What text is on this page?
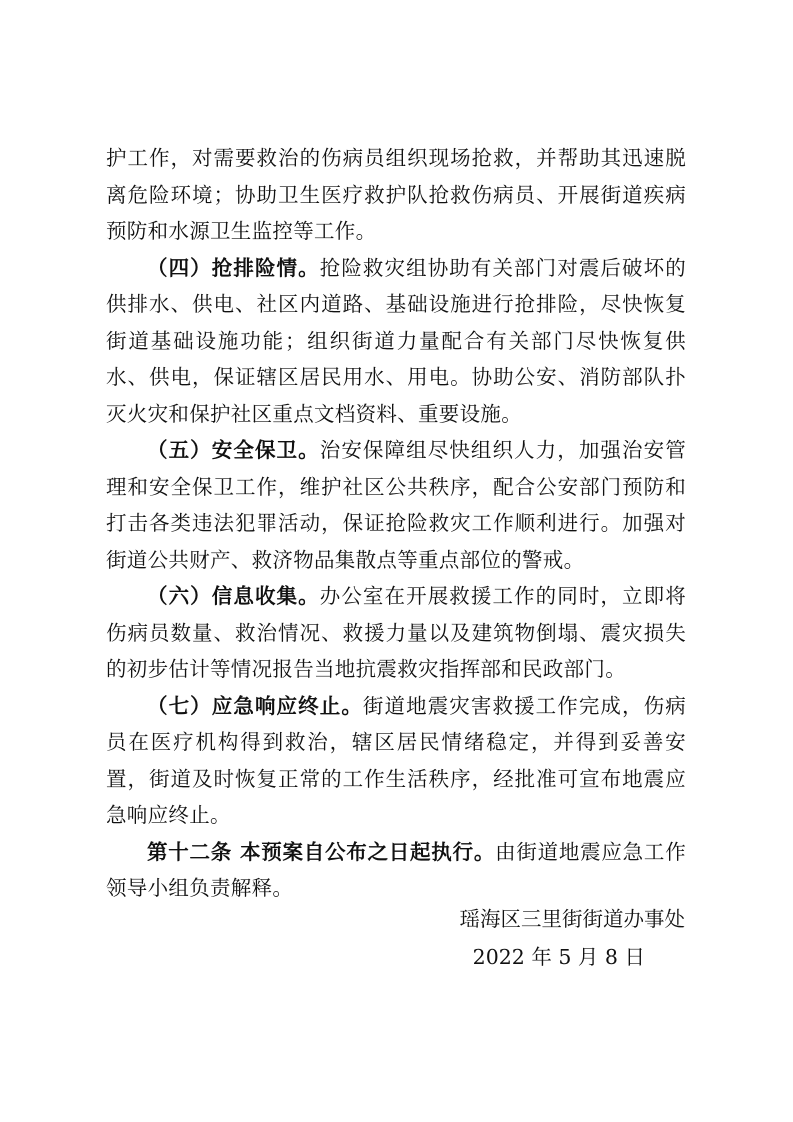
护工作，对需要救治的伤病员组织现场抢救，并帮助其迅速脱离危险环境；协助卫生医疗救护队抢救伤病员、开展街道疾病预防和水源卫生监控等工作。

（四）抢排险情。抢险救灾组协助有关部门对震后破坏的供排水、供电、社区内道路、基础设施进行抢排险，尽快恢复街道基础设施功能；组织街道力量配合有关部门尽快恢复供水、供电，保证辖区居民用水、用电。协助公安、消防部队扑灭火灾和保护社区重点文档资料、重要设施。

（五）安全保卫。治安保障组尽快组织人力，加强治安管理和安全保卫工作，维护社区公共秩序，配合公安部门预防和打击各类违法犯罪活动，保证抢险救灾工作顺利进行。加强对街道公共财产、救济物品集散点等重点部位的警戒。

（六）信息收集。办公室在开展救援工作的同时，立即将伤病员数量、救治情况、救援力量以及建筑物倒塌、震灾损失的初步估计等情况报告当地抗震救灾指挥部和民政部门。

（七）应急响应终止。街道地震灾害救援工作完成，伤病员在医疗机构得到救治，辖区居民情绪稳定，并得到妥善安置，街道及时恢复正常的工作生活秩序，经批准可宣布地震应急响应终止。

第十二条 本预案自公布之日起执行。由街道地震应急工作领导小组负责解释。

瑶海区三里街街道办事处
2022 年 5 月 8 日
